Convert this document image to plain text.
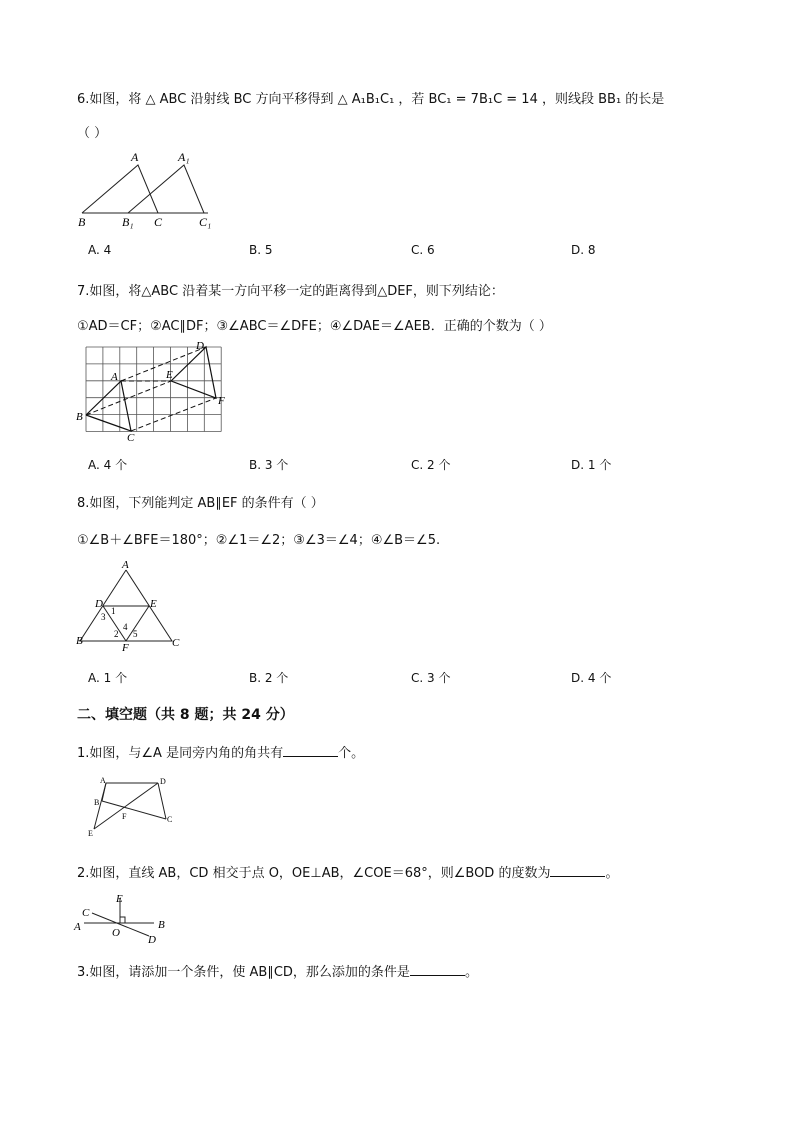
6.如图，将 △ ABC 沿射线 BC 方向平移得到 △ A₁B₁C₁ ，若 BC₁ = 7B₁C = 14 ，则线段 BB₁ 的长是
（ ）
A	A₁
B	B₁ C	C₁
A. 4	B. 5	C. 6	D. 8
7.如图，将△ABC 沿着某一方向平移一定的距离得到△DEF，则下列结论：
①AD＝CF；②AC∥DF；③∠ABC＝∠DFE；④∠DAE＝∠AEB．正确的个数为（ ）
A
B
C
D
E
F
A. 4 个	B. 3 个	C. 2 个	D. 1 个
8.如图，下列能判定 AB∥EF 的条件有（ ）
①∠B＋∠BFE＝180°；②∠1＝∠2；③∠3＝∠4；④∠B＝∠5.
A
B	C
D	E
F
1
2
3
4
5
A. 1 个	B. 2 个	C. 3 个	D. 4 个
二、填空题（共 8 题；共 24 分）
1.如图，与∠A 是同旁内角的角共有	个。
A	D
B
F	C
E
2.如图，直线 AB，CD 相交于点 O，OE⊥AB，∠COE＝68°，则∠BOD 的度数为	。
E
C
A	B
O
D
3.如图，请添加一个条件，使 AB∥CD，那么添加的条件是	。
